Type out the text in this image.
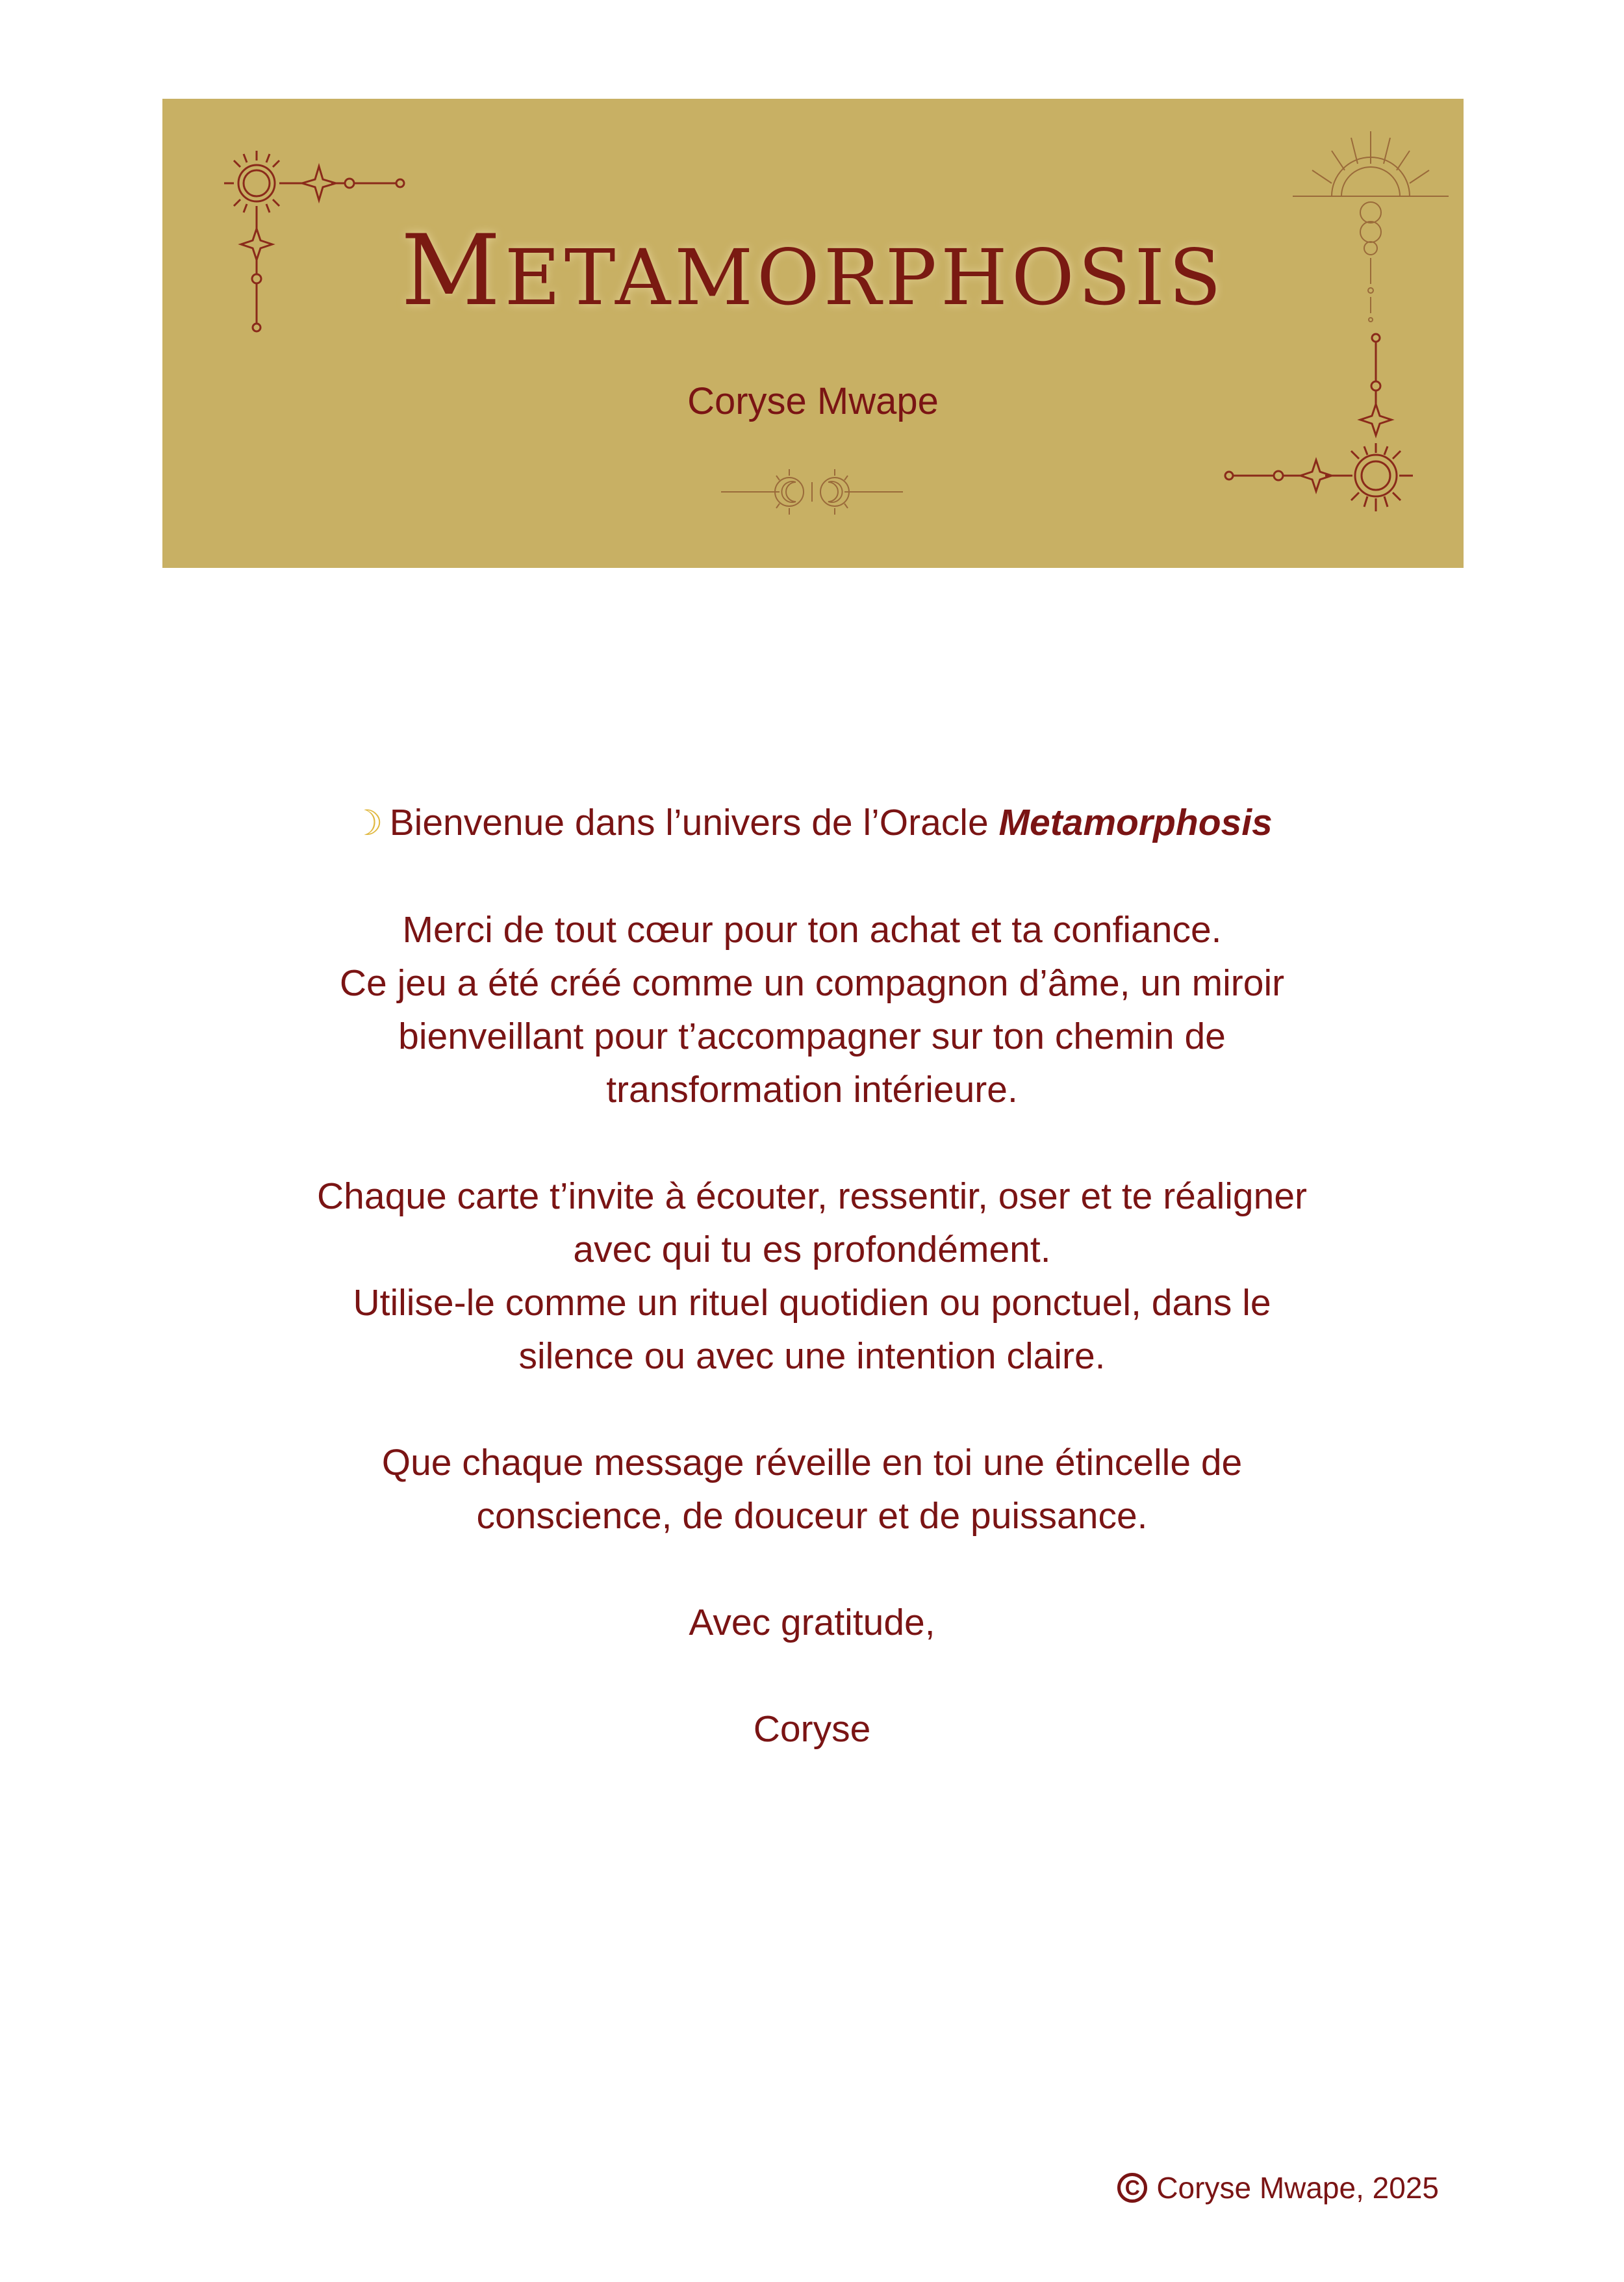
METAMORPHOSIS
Coryse Mwape

☽ Bienvenue dans l’univers de l’Oracle Metamorphosis

Merci de tout cœur pour ton achat et ta confiance.

Ce jeu a été créé comme un compagnon d’âme, un miroir

bienveillant pour t’accompagner sur ton chemin de

transformation intérieure.

Chaque carte t’invite à écouter, ressentir, oser et te réaligner

avec qui tu es profondément.

Utilise-le comme un rituel quotidien ou ponctuel, dans le

silence ou avec une intention claire.

Que chaque message réveille en toi une étincelle de

conscience, de douceur et de puissance.

Avec gratitude,

Coryse

C Coryse Mwape, 2025
